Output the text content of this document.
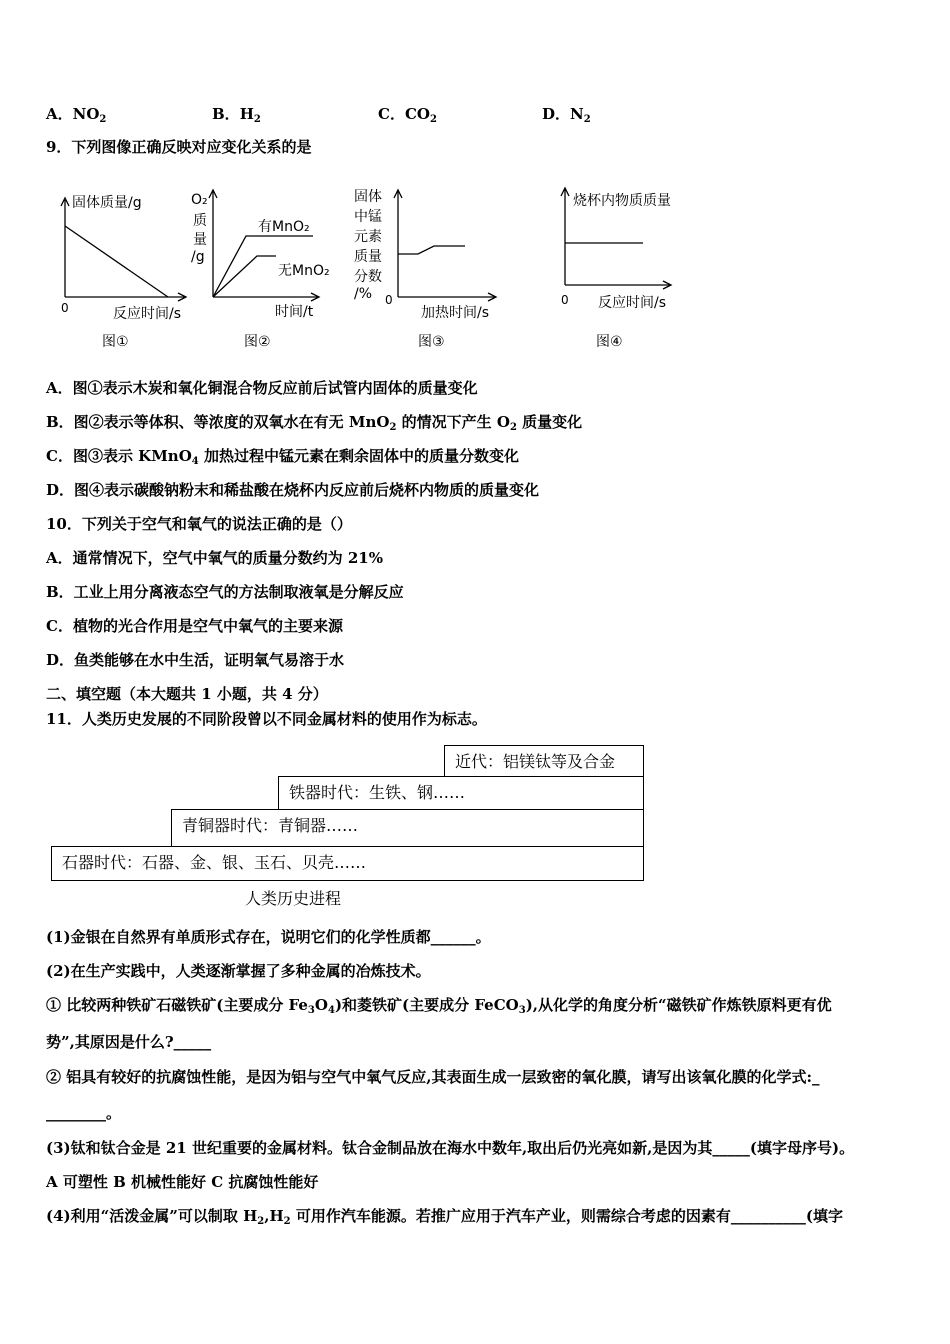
A．$NO_2$	B．$H_2$	C．$CO_2$	D．$N_2$
9．下列图像正确反映对应变化关系的是
固体质量/g
0	反应时间/s
图①
O₂
质
量
/g
有MnO₂
无MnO₂
时间/t
图②
固体
中锰
元素
质量
分数
/% 0
加热时间/s
图③
烧杯内物质质量
0 反应时间/s
图④
A．图①表示木炭和氧化铜混合物反应前后试管内固体的质量变化
B．图②表示等体积、等浓度的双氧水在有无 MnO$_2$ 的情况下产生 $O_2$ 质量变化
C．图③表示 KMnO$_4$ 加热过程中锰元素在剩余固体中的质量分数变化
D．图④表示碳酸钠粉末和稀盐酸在烧杯内反应前后烧杯内物质的质量变化
10．下列关于空气和氧气的说法正确的是（）
A．通常情况下，空气中氧气的质量分数约为 21%
B．工业上用分离液态空气的方法制取液氧是分解反应
C．植物的光合作用是空气中氧气的主要来源
D．鱼类能够在水中生活，证明氧气易溶于水
二、填空题（本大题共 1 小题，共 4 分）
11．人类历史发展的不同阶段曾以不同金属材料的使用作为标志。
近代：铝镁钛等及合金
铁器时代：生铁、钢……
青铜器时代：青铜器……
石器时代：石器、金、银、玉石、贝壳……
人类历史进程
(1)金银在自然界有单质形式存在，说明它们的化学性质都______。
(2)在生产实践中，人类逐渐掌握了多种金属的冶炼技术。
① 比较两种铁矿石磁铁矿(主要成分 $Fe_3O_4$)和菱铁矿(主要成分 FeCO$_3$),从化学的角度分析“磁铁矿作炼铁原料更有优
势”,其原因是什么?_____
② 铝具有较好的抗腐蚀性能，是因为铝与空气中氧气反应,其表面生成一层致密的氧化膜，请写出该氧化膜的化学式:_
________。
(3)钛和钛合金是 21 世纪重要的金属材料。钛合金制品放在海水中数年,取出后仍光亮如新,是因为其_____(填字母序号)。
A 可塑性 B 机械性能好 C 抗腐蚀性能好
(4)利用“活泼金属”可以制取 $H_2,H_2$ 可用作汽车能源。若推广应用于汽车产业，则需综合考虑的因素有__________(填字
